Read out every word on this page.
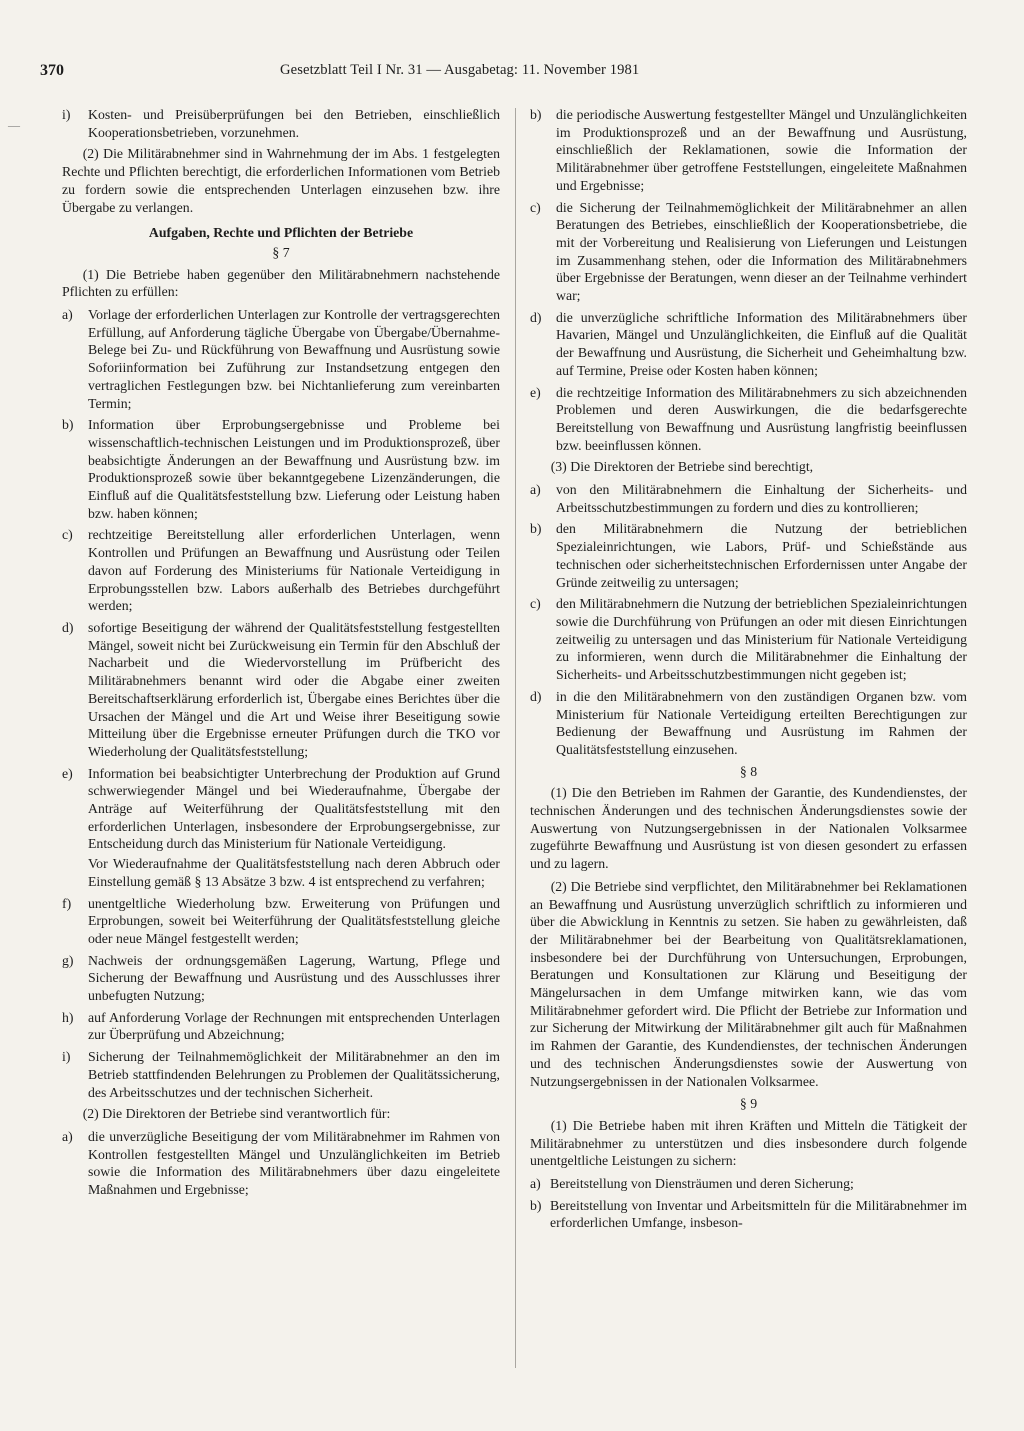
370	Gesetzblatt Teil I Nr. 31 — Ausgabetag: 11. November 1981
—
i) Kosten- und Preisüberprüfungen bei den Betrieben, einschließlich Kooperationsbetrieben, vorzunehmen.

(2) Die Militärabnehmer sind in Wahrnehmung der im Abs. 1 festgelegten Rechte und Pflichten berechtigt, die erforderlichen Informationen vom Betrieb zu fordern sowie die entsprechenden Unterlagen einzusehen bzw. ihre Übergabe zu verlangen.

Aufgaben, Rechte und Pflichten der Betriebe
§ 7

(1) Die Betriebe haben gegenüber den Militärabnehmern nachstehende Pflichten zu erfüllen:

a) Vorlage der erforderlichen Unterlagen zur Kontrolle der vertragsgerechten Erfüllung, auf Anforderung tägliche Übergabe von Übergabe/Übernahme-Belege bei Zu- und Rückführung von Bewaffnung und Ausrüstung sowie Soforiinformation bei Zuführung zur Instandsetzung entgegen den vertraglichen Festlegungen bzw. bei Nichtanlieferung zum vereinbarten Termin;
b) Information über Erprobungsergebnisse und Probleme bei wissenschaftlich-technischen Leistungen und im Produktionsprozeß, über beabsichtigte Änderungen an der Bewaffnung und Ausrüstung bzw. im Produktionsprozeß sowie über bekanntgegebene Lizenzänderungen, die Einfluß auf die Qualitätsfeststellung bzw. Lieferung oder Leistung haben bzw. haben können;
c) rechtzeitige Bereitstellung aller erforderlichen Unterlagen, wenn Kontrollen und Prüfungen an Bewaffnung und Ausrüstung oder Teilen davon auf Forderung des Ministeriums für Nationale Verteidigung in Erprobungsstellen bzw. Labors außerhalb des Betriebes durchgeführt werden;
d) sofortige Beseitigung der während der Qualitätsfeststellung festgestellten Mängel, soweit nicht bei Zurückweisung ein Termin für den Abschluß der Nacharbeit und die Wiedervorstellung im Prüfbericht des Militärabnehmers benannt wird oder die Abgabe einer zweiten Bereitschaftserklärung erforderlich ist, Übergabe eines Berichtes über die Ursachen der Mängel und die Art und Weise ihrer Beseitigung sowie Mitteilung über die Ergebnisse erneuter Prüfungen durch die TKO vor Wiederholung der Qualitätsfeststellung;
e) Information bei beabsichtigter Unterbrechung der Produktion auf Grund schwerwiegender Mängel und bei Wiederaufnahme, Übergabe der Anträge auf Weiterführung der Qualitätsfeststellung mit den erforderlichen Unterlagen, insbesondere der Erprobungsergebnisse, zur Entscheidung durch das Ministerium für Nationale Verteidigung.
Vor Wiederaufnahme der Qualitätsfeststellung nach deren Abbruch oder Einstellung gemäß § 13 Absätze 3 bzw. 4 ist entsprechend zu verfahren;
f) unentgeltliche Wiederholung bzw. Erweiterung von Prüfungen und Erprobungen, soweit bei Weiterführung der Qualitätsfeststellung gleiche oder neue Mängel festgestellt werden;
g) Nachweis der ordnungsgemäßen Lagerung, Wartung, Pflege und Sicherung der Bewaffnung und Ausrüstung und des Ausschlusses ihrer unbefugten Nutzung;
h) auf Anforderung Vorlage der Rechnungen mit entsprechenden Unterlagen zur Überprüfung und Abzeichnung;
i) Sicherung der Teilnahmemöglichkeit der Militärabnehmer an den im Betrieb stattfindenden Belehrungen zu Problemen der Qualitätssicherung, des Arbeitsschutzes und der technischen Sicherheit.

(2) Die Direktoren der Betriebe sind verantwortlich für:

a) die unverzügliche Beseitigung der vom Militärabnehmer im Rahmen von Kontrollen festgestellten Mängel und Unzulänglichkeiten im Betrieb sowie die Information des Militärabnehmers über dazu eingeleitete Maßnahmen und Ergebnisse;
b) die periodische Auswertung festgestellter Mängel und Unzulänglichkeiten im Produktionsprozeß und an der Bewaffnung und Ausrüstung, einschließlich der Reklamationen, sowie die Information der Militärabnehmer über getroffene Feststellungen, eingeleitete Maßnahmen und Ergebnisse;
c) die Sicherung der Teilnahmemöglichkeit der Militärabnehmer an allen Beratungen des Betriebes, einschließlich der Kooperationsbetriebe, die mit der Vorbereitung und Realisierung von Lieferungen und Leistungen im Zusammenhang stehen, oder die Information des Militärabnehmers über Ergebnisse der Beratungen, wenn dieser an der Teilnahme verhindert war;
d) die unverzügliche schriftliche Information des Militärabnehmers über Havarien, Mängel und Unzulänglichkeiten, die Einfluß auf die Qualität der Bewaffnung und Ausrüstung, die Sicherheit und Geheimhaltung bzw. auf Termine, Preise oder Kosten haben können;
e) die rechtzeitige Information des Militärabnehmers zu sich abzeichnenden Problemen und deren Auswirkungen, die die bedarfsgerechte Bereitstellung von Bewaffnung und Ausrüstung langfristig beeinflussen bzw. beeinflussen können.

(3) Die Direktoren der Betriebe sind berechtigt,

a) von den Militärabnehmern die Einhaltung der Sicherheits- und Arbeitsschutzbestimmungen zu fordern und dies zu kontrollieren;
b) den Militärabnehmern die Nutzung der betrieblichen Spezialeinrichtungen, wie Labors, Prüf- und Schießstände aus technischen oder sicherheitstechnischen Erfordernissen unter Angabe der Gründe zeitweilig zu untersagen;
c) den Militärabnehmern die Nutzung der betrieblichen Spezialeinrichtungen sowie die Durchführung von Prüfungen an oder mit diesen Einrichtungen zeitweilig zu untersagen und das Ministerium für Nationale Verteidigung zu informieren, wenn durch die Militärabnehmer die Einhaltung der Sicherheits- und Arbeitsschutzbestimmungen nicht gegeben ist;
d) in die den Militärabnehmern von den zuständigen Organen bzw. vom Ministerium für Nationale Verteidigung erteilten Berechtigungen zur Bedienung der Bewaffnung und Ausrüstung im Rahmen der Qualitätsfeststellung einzusehen.
§ 8

(1) Die den Betrieben im Rahmen der Garantie, des Kundendienstes, der technischen Änderungen und des technischen Änderungsdienstes sowie der Auswertung von Nutzungsergebnissen in der Nationalen Volksarmee zugeführte Bewaffnung und Ausrüstung ist von diesen gesondert zu erfassen und zu lagern.

(2) Die Betriebe sind verpflichtet, den Militärabnehmer bei Reklamationen an Bewaffnung und Ausrüstung unverzüglich schriftlich zu informieren und über die Abwicklung in Kenntnis zu setzen. Sie haben zu gewährleisten, daß der Militärabnehmer bei der Bearbeitung von Qualitätsreklamationen, insbesondere bei der Durchführung von Untersuchungen, Erprobungen, Beratungen und Konsultationen zur Klärung und Beseitigung der Mängelursachen in dem Umfange mitwirken kann, wie das vom Militärabnehmer gefordert wird. Die Pflicht der Betriebe zur Information und zur Sicherung der Mitwirkung der Militärabnehmer gilt auch für Maßnahmen im Rahmen der Garantie, des Kundendienstes, der technischen Änderungen und des technischen Änderungsdienstes sowie der Auswertung von Nutzungsergebnissen in der Nationalen Volksarmee.

§ 9

(1) Die Betriebe haben mit ihren Kräften und Mitteln die Tätigkeit der Militärabnehmer zu unterstützen und dies insbesondere durch folgende unentgeltliche Leistungen zu sichern:

a) Bereitstellung von Diensträumen und deren Sicherung;
b) Bereitstellung von Inventar und Arbeitsmitteln für die Militärabnehmer im erforderlichen Umfange, insbeson-
